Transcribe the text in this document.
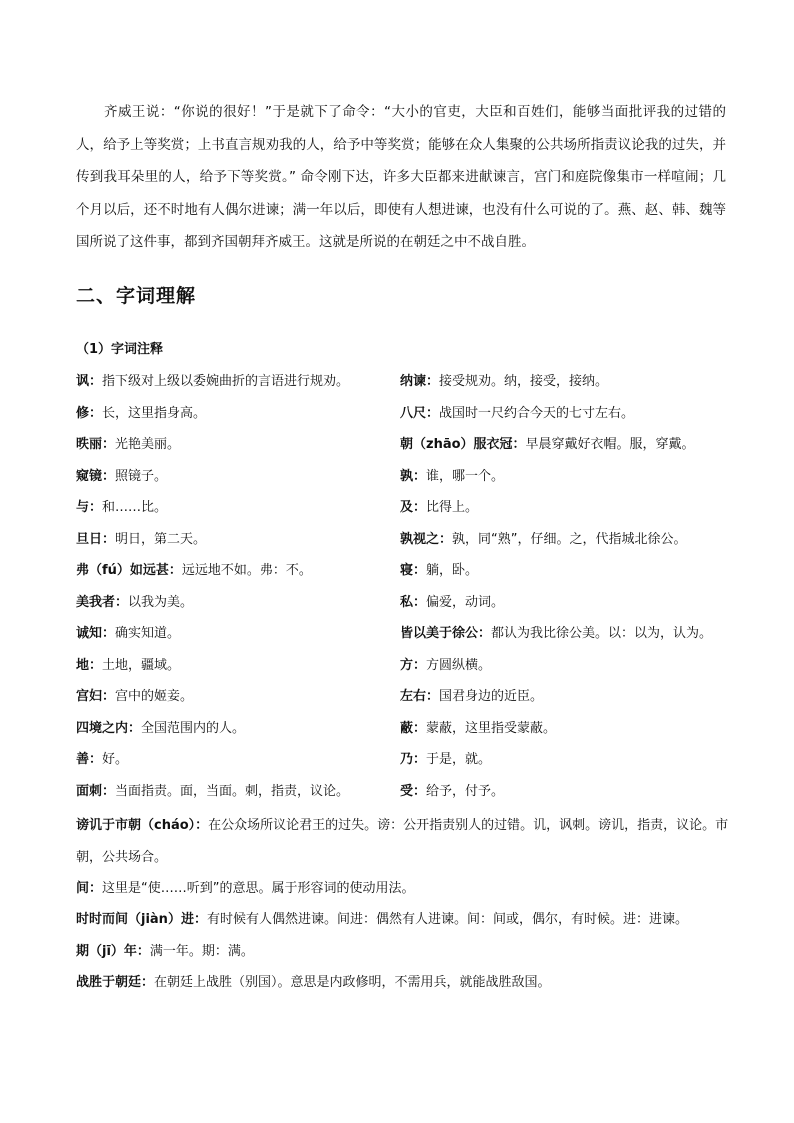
齐威王说：“你说的很好！”于是就下了命令：“大小的官吏，大臣和百姓们，能够当面批评我的过错的人，给予上等奖赏；上书直言规劝我的人，给予中等奖赏；能够在众人集聚的公共场所指责议论我的过失，并传到我耳朵里的人，给予下等奖赏。” 命令刚下达，许多大臣都来进献谏言，宫门和庭院像集市一样喧闹；几个月以后，还不时地有人偶尔进谏；满一年以后，即使有人想进谏，也没有什么可说的了。燕、赵、韩、魏等国所说了这件事，都到齐国朝拜齐威王。这就是所说的在朝廷之中不战自胜。
二、字词理解
（1）字词注释
讽：指下级对上级以委婉曲折的言语进行规劝。	纳谏：接受规劝。纳，接受，接纳。
修：长，这里指身高。	八尺：战国时一尺约合今天的七寸左右。
昳丽：光艳美丽。	朝（zhāo）服衣冠：早晨穿戴好衣帽。服，穿戴。
窥镜：照镜子。	孰：谁，哪一个。
与：和……比。	及：比得上。
旦日：明日，第二天。	孰视之：孰，同“熟”，仔细。之，代指城北徐公。
弗（fú）如远甚：远远地不如。弗：不。	寝：躺，卧。
美我者：以我为美。	私：偏爱，动词。
诚知：确实知道。	皆以美于徐公：都认为我比徐公美。以：以为，认为。
地：土地，疆域。	方：方圆纵横。
宫妇：宫中的姬妾。	左右：国君身边的近臣。
四境之内：全国范围内的人。	蔽：蒙蔽，这里指受蒙蔽。
善：好。	乃：于是，就。
面刺：当面指责。面，当面。刺，指责，议论。	受：给予，付予。
谤讥于市朝（cháo）：在公众场所议论君王的过失。谤：公开指责别人的过错。讥，讽刺。谤讥，指责，议论。市朝，公共场合。
间：这里是“使……听到”的意思。属于形容词的使动用法。
时时而间（jiàn）进：有时候有人偶然进谏。间进：偶然有人进谏。间：间或，偶尔，有时候。进：进谏。
期（jī）年：满一年。期：满。
战胜于朝廷：在朝廷上战胜（别国）。意思是内政修明，不需用兵，就能战胜敌国。
